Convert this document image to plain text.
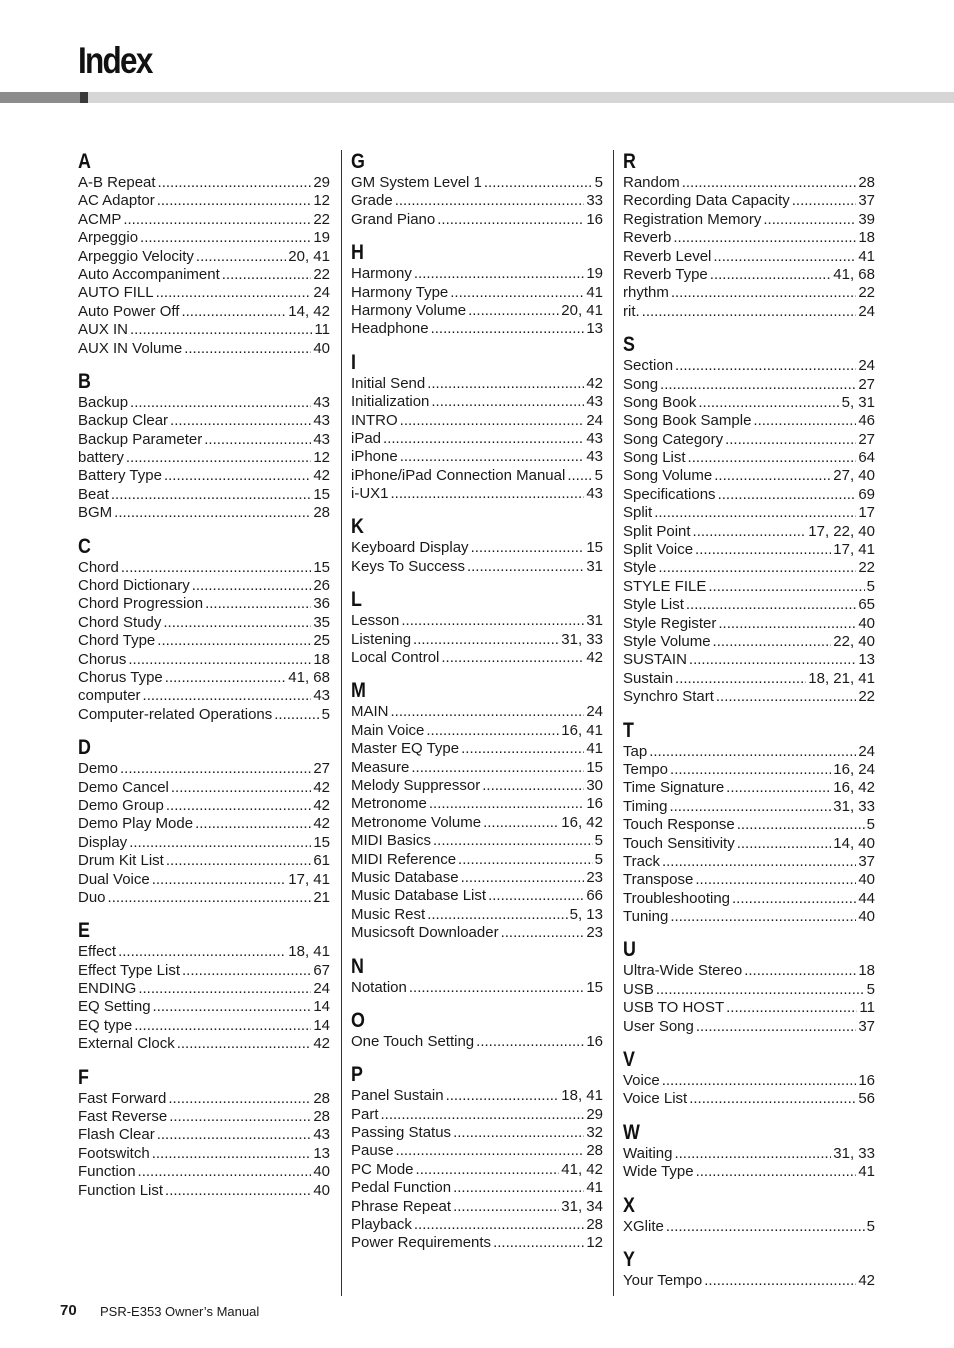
Index
A
A-B Repeat .....	29
AC Adaptor .....	12
ACMP .....	22
Arpeggio .....	19
Arpeggio Velocity .....	20, 41
Auto Accompaniment .....	22
AUTO FILL .....	24
Auto Power Off .....	14, 42
AUX IN .....	11
AUX IN Volume .....	40
B
Backup .....	43
Backup Clear .....	43
Backup Parameter .....	43
battery .....	12
Battery Type .....	42
Beat .....	15
BGM .....	28
C
Chord .....	15
Chord Dictionary .....	26
Chord Progression .....	36
Chord Study .....	35
Chord Type .....	25
Chorus .....	18
Chorus Type .....	41, 68
computer .....	43
Computer-related Operations .....	5
D
Demo .....	27
Demo Cancel .....	42
Demo Group .....	42
Demo Play Mode .....	42
Display .....	15
Drum Kit List .....	61
Dual Voice .....	17, 41
Duo .....	21
E
Effect .....	18, 41
Effect Type List .....	67
ENDING .....	24
EQ Setting .....	14
EQ type .....	14
External Clock .....	42
F
Fast Forward .....	28
Fast Reverse .....	28
Flash Clear .....	43
Footswitch .....	13
Function .....	40
Function List .....	40
G
GM System Level 1 .....	5
Grade .....	33
Grand Piano .....	16
H
Harmony .....	19
Harmony Type .....	41
Harmony Volume .....	20, 41
Headphone .....	13
I
Initial Send .....	42
Initialization .....	43
INTRO .....	24
iPad .....	43
iPhone .....	43
iPhone/iPad Connection Manual ..... 5
i-UX1 .....	43
K
Keyboard Display .....	15
Keys To Success .....	31
L
Lesson .....	31
Listening .....	31, 33
Local Control .....	42
M
MAIN .....	24
Main Voice .....	16, 41
Master EQ Type .....	41
Measure .....	15
Melody Suppressor .....	30
Metronome .....	16
Metronome Volume .....	16, 42
MIDI Basics .....	5
MIDI Reference .....	5
Music Database .....	23
Music Database List .....	66
Music Rest .....	5, 13
Musicsoft Downloader .....	23
N
Notation .....	15
O
One Touch Setting .....	16
P
Panel Sustain .....	18, 41
Part .....	29
Passing Status .....	32
Pause .....	28
PC Mode .....	41, 42
Pedal Function .....	41
Phrase Repeat .....	31, 34
Playback .....	28
Power Requirements .....	12
R
Random .....	28
Recording Data Capacity .....	37
Registration Memory .....	39
Reverb .....	18
Reverb Level .....	41
Reverb Type .....	41, 68
rhythm .....	22
rit. .....	24
S
Section .....	24
Song .....	27
Song Book .....	5, 31
Song Book Sample .....	46
Song Category .....	27
Song List .....	64
Song Volume .....	27, 40
Specifications .....	69
Split .....	17
Split Point .....	17, 22, 40
Split Voice .....	17, 41
Style .....	22
STYLE FILE .....	5
Style List .....	65
Style Register .....	40
Style Volume .....	22, 40
SUSTAIN .....	13
Sustain .....	18, 21, 41
Synchro Start .....	22
T
Tap .....	24
Tempo .....	16, 24
Time Signature .....	16, 42
Timing .....	31, 33
Touch Response .....	5
Touch Sensitivity .....	14, 40
Track .....	37
Transpose .....	40
Troubleshooting .....	44
Tuning .....	40
U
Ultra-Wide Stereo .....	18
USB .....	5
USB TO HOST .....	11
User Song .....	37
V
Voice .....	16
Voice List .....	56
W
Waiting .....	31, 33
Wide Type .....	41
X
XGlite .....	5
Y
Your Tempo .....	42
70 PSR-E353 Owner’s Manual
